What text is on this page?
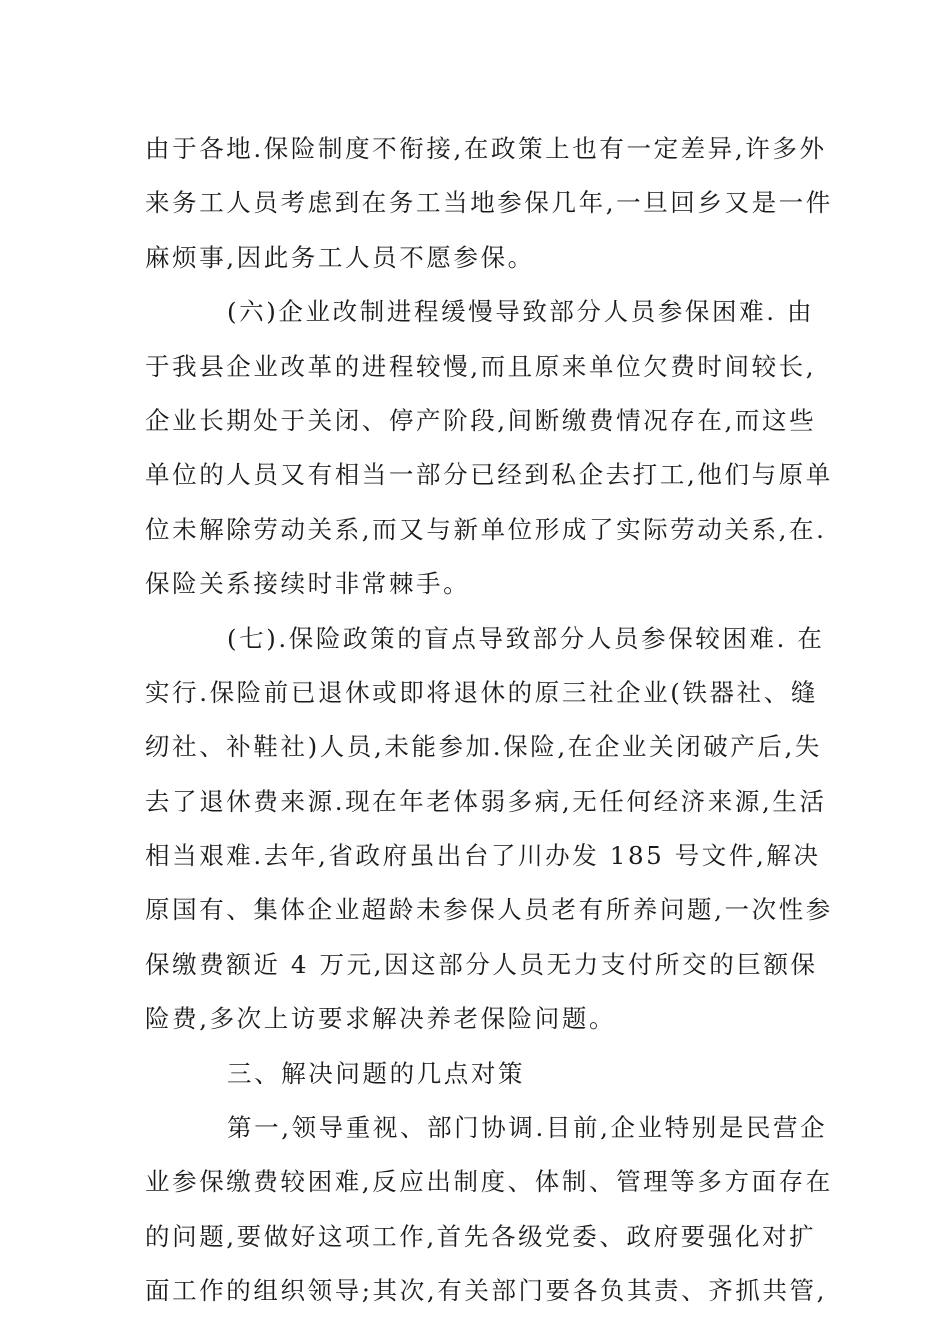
由于各地.保险制度不衔接,在政策上也有一定差异,许多外
来务工人员考虑到在务工当地参保几年,一旦回乡又是一件
麻烦事,因此务工人员不愿参保。
(六)企业改制进程缓慢导致部分人员参保困难. 由
于我县企业改革的进程较慢,而且原来单位欠费时间较长,
企业长期处于关闭、停产阶段,间断缴费情况存在,而这些
单位的人员又有相当一部分已经到私企去打工,他们与原单
位未解除劳动关系,而又与新单位形成了实际劳动关系,在.
保险关系接续时非常棘手。
(七).保险政策的盲点导致部分人员参保较困难. 在
实行.保险前已退休或即将退休的原三社企业(铁器社、缝
纫社、补鞋社)人员,未能参加.保险,在企业关闭破产后,失
去了退休费来源.现在年老体弱多病,无任何经济来源,生活
相当艰难.去年,省政府虽出台了川办发 185 号文件,解决
原国有、集体企业超龄未参保人员老有所养问题,一次性参
保缴费额近 4 万元,因这部分人员无力支付所交的巨额保
险费,多次上访要求解决养老保险问题。
三、解决问题的几点对策
第一,领导重视、部门协调.目前,企业特别是民营企
业参保缴费较困难,反应出制度、体制、管理等多方面存在
的问题,要做好这项工作,首先各级党委、政府要强化对扩
面工作的组织领导;其次,有关部门要各负其责、齐抓共管,
